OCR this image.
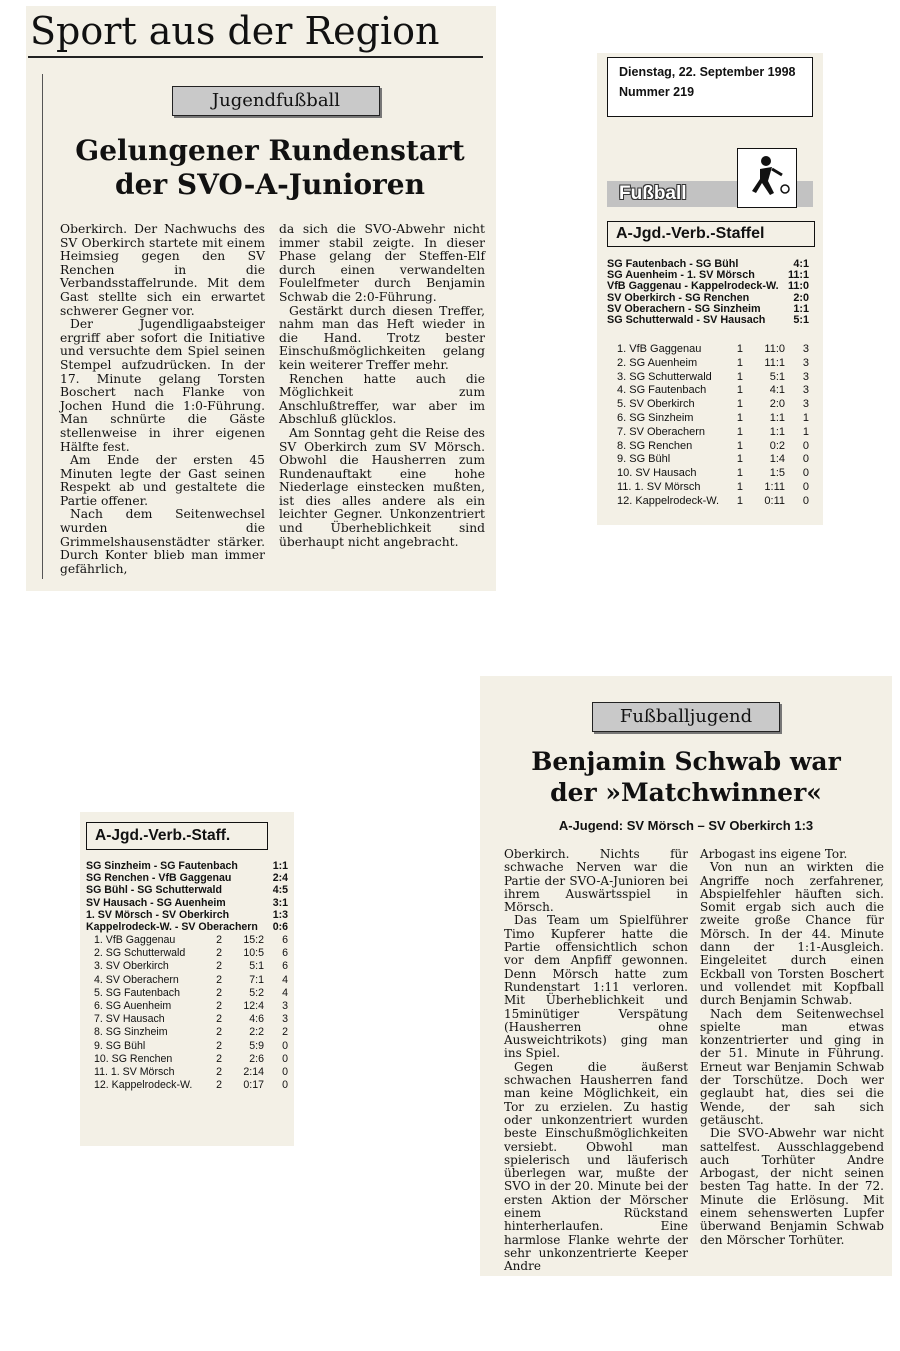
Sport aus der Region
Jugendfußball
Gelungener Rundenstart
der SVO-A-Junioren

Oberkirch. Der Nachwuchs des SV Oberkirch startete mit einem Heimsieg gegen den SV Renchen in die Verbandsstaffelrunde. Mit dem Gast stellte sich ein erwartet schwerer Gegner vor.

Der Jugendligaabsteiger ergriff aber sofort die Initiative und versuchte dem Spiel seinen Stempel aufzudrücken. In der 17. Minute gelang Torsten Boschert nach Flanke von Jochen Hund die 1:0-Führung. Man schnürte die Gäste stellenweise in ihrer eigenen Hälfte fest.

Am Ende der ersten 45 Minuten legte der Gast seinen Respekt ab und gestaltete die Partie offener.

Nach dem Seitenwechsel wurden die Grimmelshausenstädter stärker. Durch Konter blieb man immer gefährlich,

da sich die SVO-Abwehr nicht immer stabil zeigte. In dieser Phase gelang der Steffen-Elf durch einen verwandelten Foulelfmeter durch Benjamin Schwab die 2:0-Führung.

Gestärkt durch diesen Treffer, nahm man das Heft wieder in die Hand. Trotz bester Einschußmöglichkeiten gelang kein weiterer Treffer mehr.

Renchen hatte auch die Möglichkeit zum Anschlußtreffer, war aber im Abschluß glücklos.

Am Sonntag geht die Reise des SV Oberkirch zum SV Mörsch. Obwohl die Hausherren zum Rundenauftakt eine hohe Niederlage einstecken mußten, ist dies alles andere als ein leichter Gegner. Unkonzentriert und Überheblichkeit sind überhaupt nicht angebracht.

Dienstag, 22. September 1998
Nummer 219
Fußball
A-Jgd.-Verb.-Staffel
SG Fautenbach - SG Bühl	4:1
SG Auenheim - 1. SV Mörsch	11:1
VfB Gaggenau - Kappelrodeck-W. 11:0
SV Oberkirch - SG Renchen	2:0
SV Oberachern - SG Sinzheim	1:1
SG Schutterwald - SV Hausach	5:1
1. VfB Gaggenau	1	11:0	3
2. SG Auenheim	1	11:1	3
3. SG Schutterwald	1	5:1	3
4. SG Fautenbach	1	4:1	3
5. SV Oberkirch	1	2:0	3
6. SG Sinzheim	1	1:1	1
7. SV Oberachern	1	1:1	1
8. SG Renchen	1	0:2	0
9. SG Bühl	1	1:4	0
10. SV Hausach	1	1:5	0
11. 1. SV Mörsch	1	1:11	0
12. Kappelrodeck-W.	1	0:11	0
A-Jgd.-Verb.-Staff.
SG Sinzheim - SG Fautenbach	1:1
SG Renchen - VfB Gaggenau	2:4
SG Bühl - SG Schutterwald	4:5
SV Hausach - SG Auenheim	3:1
1. SV Mörsch - SV Oberkirch	1:3
Kappelrodeck-W. - SV Oberachern 0:6
1. VfB Gaggenau	2	15:2	6
2. SG Schutterwald	2	10:5	6
3. SV Oberkirch	2	5:1	6
4. SV Oberachern	2	7:1	4
5. SG Fautenbach	2	5:2	4
6. SG Auenheim	2	12:4	3
7. SV Hausach	2	4:6	3
8. SG Sinzheim	2	2:2	2
9. SG Bühl	2	5:9	0
10. SG Renchen	2	2:6	0
11. 1. SV Mörsch	2	2:14	0
12. Kappelrodeck-W.	2	0:17	0
Fußballjugend
Benjamin Schwab war
der »Matchwinner«
A-Jugend: SV Mörsch – SV Oberkirch 1:3

Oberkirch. Nichts für schwache Nerven war die Partie der SVO-A-Junioren bei ihrem Auswärtsspiel in Mörsch.

Das Team um Spielführer Timo Kupferer hatte die Partie offensichtlich schon vor dem Anpfiff gewonnen. Denn Mörsch hatte zum Rundenstart 1:11 verloren. Mit Überheblichkeit und 15minütiger Verspätung (Hausherren ohne Ausweichtrikots) ging man ins Spiel.

Gegen die äußerst schwachen Hausherren fand man keine Möglichkeit, ein Tor zu erzielen. Zu hastig oder unkonzentriert wurden beste Einschußmöglichkeiten versiebt. Obwohl man spielerisch und läuferisch überlegen war, mußte der SVO in der 20. Minute bei der ersten Aktion der Mörscher einem Rückstand hinterherlaufen. Eine harmlose Flanke wehrte der sehr unkonzentrierte Keeper Andre

Arbogast ins eigene Tor.

Von nun an wirkten die Angriffe noch zerfahrener, Abspielfehler häuften sich. Somit ergab sich auch die zweite große Chance für Mörsch. In der 44. Minute dann der 1:1-Ausgleich. Eingeleitet durch einen Eckball von Torsten Boschert und vollendet mit Kopfball durch Benjamin Schwab.

Nach dem Seitenwechsel spielte man etwas konzentrierter und ging in der 51. Minute in Führung. Erneut war Benjamin Schwab der Torschütze. Doch wer geglaubt hat, dies sei die Wende, der sah sich getäuscht.

Die SVO-Abwehr war nicht sattelfest. Ausschlaggebend auch Torhüter Andre Arbogast, der nicht seinen besten Tag hatte. In der 72. Minute die Erlösung. Mit einem sehenswerten Lupfer überwand Benjamin Schwab den Mörscher Torhüter.
